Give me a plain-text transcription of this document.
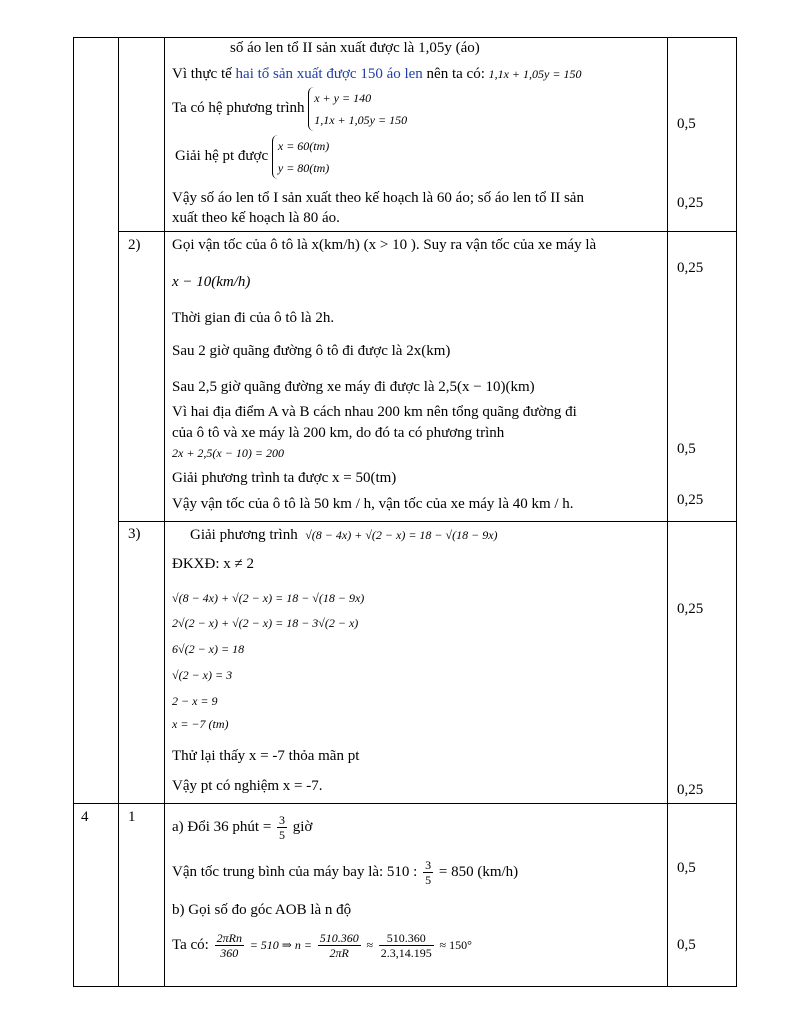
số áo len tổ II sản xuất được là 1,05y (áo)
Vì thực tế hai tổ sản xuất được 150 áo len nên ta có: 1,1x + 1,05y = 150
Ta có hệ phương trình
x + y = 140
1,1x + 1,05y = 150
Giải hệ pt được
x = 60(tm)
y = 80(tm)
Vậy số áo len tổ I sản xuất theo kế hoạch là 60 áo; số áo len tổ II sản
xuất theo kế hoạch là 80 áo.
0,5
0,25
2) Gọi vận tốc của ô tô là x(km/h) (x > 10 ). Suy ra vận tốc của xe máy là
x − 10(km/h)
Thời gian đi của ô tô là 2h.
Sau 2 giờ quãng đường ô tô đi được là 2x(km)
Sau 2,5 giờ quãng đường xe máy đi được là 2,5(x − 10)(km)
Vì hai địa điểm A và B cách nhau 200 km nên tổng quãng đường đi
của ô tô và xe máy là 200 km, do đó ta có phương trình
2x + 2,5(x − 10) = 200
Giải phương trình ta được x = 50(tm)
Vậy vận tốc của ô tô là 50 km / h, vận tốc của xe máy là 40 km / h.
0,25
0,5
0,25
3)	Giải phương trình √(8 − 4x) + √(2 − x) = 18 − √(18 − 9x)
ĐKXĐ: x ≠ 2
√(8 − 4x) + √(2 − x) = 18 − √(18 − 9x)
2√(2 − x) + √(2 − x) = 18 − 3√(2 − x)
6√(2 − x) = 18
√(2 − x) = 3
2 − x = 9
x = −7 (tm)
Thử lại thấy x = -7 thỏa mãn pt
Vậy pt có nghiệm x = -7.
0,25
0,25
4	1
a) Đổi 36 phút = $\frac{3}{5}$ giờ
Vận tốc trung bình của máy bay là: 510 : $\frac{3}{5} = 850$ (km/h)
b) Gọi số đo góc AOB là n độ
Ta có: $\frac{\text{2πRn}}{360} = 510$ ⇒ $n = \frac{510.360}{2\pi R} \approx \frac{510.360}{2.3,14.195} \approx 150^\circ$
0,5
0,5
